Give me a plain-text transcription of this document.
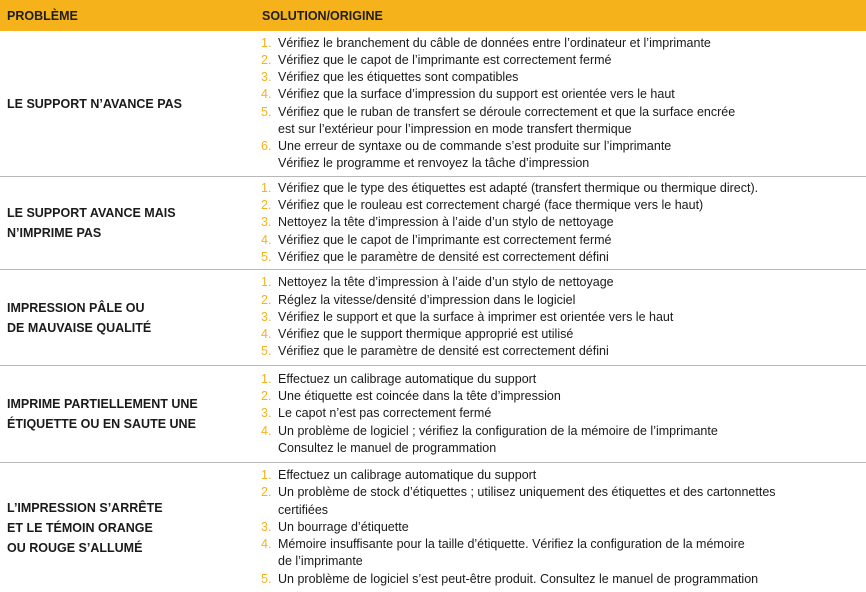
PROBLÈME	SOLUTION/ORIGINE
LE SUPPORT N’AVANCE PAS
1. Vérifiez le branchement du câble de données entre l’ordinateur et l’imprimante
2. Vérifiez que le capot de l’imprimante est correctement fermé
3. Vérifiez que les étiquettes sont compatibles
4. Vérifiez que la surface d’impression du support est orientée vers le haut
5. Vérifiez que le ruban de transfert se déroule correctement et que la surface encrée
est sur l’extérieur pour l’impression en mode transfert thermique
6. Une erreur de syntaxe ou de commande s’est produite sur l’imprimante
Vérifiez le programme et renvoyez la tâche d’impression
LE SUPPORT AVANCE MAIS
N’IMPRIME PAS
1. Vérifiez que le type des étiquettes est adapté (transfert thermique ou thermique direct).
2. Vérifiez que le rouleau est correctement chargé (face thermique vers le haut)
3. Nettoyez la tête d’impression à l’aide d’un stylo de nettoyage
4. Vérifiez que le capot de l’imprimante est correctement fermé
5. Vérifiez que le paramètre de densité est correctement défini
IMPRESSION PÂLE OU
DE MAUVAISE QUALITÉ
1. Nettoyez la tête d’impression à l’aide d’un stylo de nettoyage
2. Réglez la vitesse/densité d’impression dans le logiciel
3. Vérifiez le support et que la surface à imprimer est orientée vers le haut
4. Vérifiez que le support thermique approprié est utilisé
5. Vérifiez que le paramètre de densité est correctement défini
IMPRIME PARTIELLEMENT UNE
ÉTIQUETTE OU EN SAUTE UNE
1. Effectuez un calibrage automatique du support
2. Une étiquette est coincée dans la tête d’impression
3. Le capot n’est pas correctement fermé
4. Un problème de logiciel ; vérifiez la configuration de la mémoire de l’imprimante
Consultez le manuel de programmation
L’IMPRESSION S’ARRÊTE
ET LE TÉMOIN ORANGE
OU ROUGE S’ALLUMÉ
1. Effectuez un calibrage automatique du support
2. Un problème de stock d’étiquettes ; utilisez uniquement des étiquettes et des cartonnettes
certifiées
3. Un bourrage d’étiquette
4. Mémoire insuffisante pour la taille d’étiquette. Vérifiez la configuration de la mémoire
de l’imprimante
5. Un problème de logiciel s’est peut-être produit. Consultez le manuel de programmation
